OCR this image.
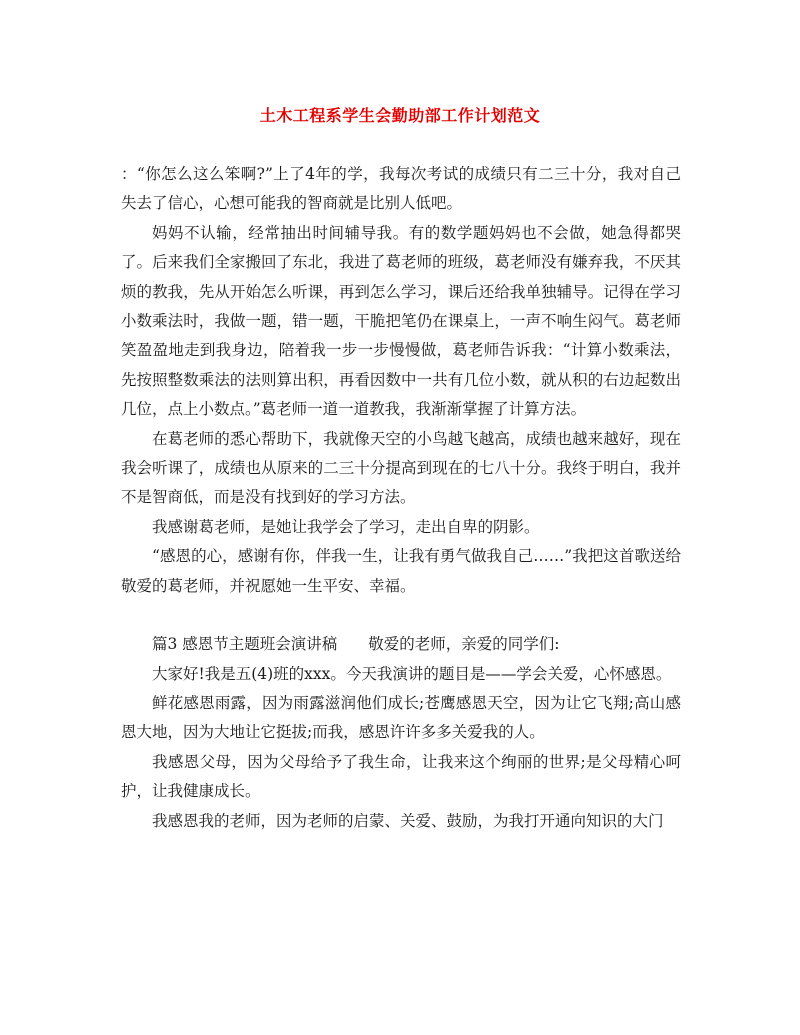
土木工程系学生会勤助部工作计划范文

：“你怎么这么笨啊?”上了4年的学，我每次考试的成绩只有二三十分，我对自己失去了信心，心想可能我的智商就是比别人低吧。

妈妈不认输，经常抽出时间辅导我。有的数学题妈妈也不会做，她急得都哭了。后来我们全家搬回了东北，我进了葛老师的班级，葛老师没有嫌弃我，不厌其烦的教我，先从开始怎么听课，再到怎么学习，课后还给我单独辅导。记得在学习小数乘法时，我做一题，错一题，干脆把笔仍在课桌上，一声不响生闷气。葛老师笑盈盈地走到我身边，陪着我一步一步慢慢做，葛老师告诉我：“计算小数乘法，先按照整数乘法的法则算出积，再看因数中一共有几位小数，就从积的右边起数出几位，点上小数点。”葛老师一道一道教我，我渐渐掌握了计算方法。

在葛老师的悉心帮助下，我就像天空的小鸟越飞越高，成绩也越来越好，现在我会听课了，成绩也从原来的二三十分提高到现在的七八十分。我终于明白，我并不是智商低，而是没有找到好的学习方法。

我感谢葛老师，是她让我学会了学习，走出自卑的阴影。

“感恩的心，感谢有你，伴我一生，让我有勇气做我自己……”我把这首歌送给敬爱的葛老师，并祝愿她一生平安、幸福。

篇3 感恩节主题班会演讲稿　　敬爱的老师，亲爱的同学们:

大家好!我是五(4)班的xxx。今天我演讲的题目是——学会关爱，心怀感恩。

鲜花感恩雨露，因为雨露滋润他们成长;苍鹰感恩天空，因为让它飞翔;高山感恩大地，因为大地让它挺拔;而我，感恩许许多多关爱我的人。

我感恩父母，因为父母给予了我生命，让我来这个绚丽的世界;是父母精心呵护，让我健康成长。

我感恩我的老师，因为老师的启蒙、关爱、鼓励，为我打开通向知识的大门
